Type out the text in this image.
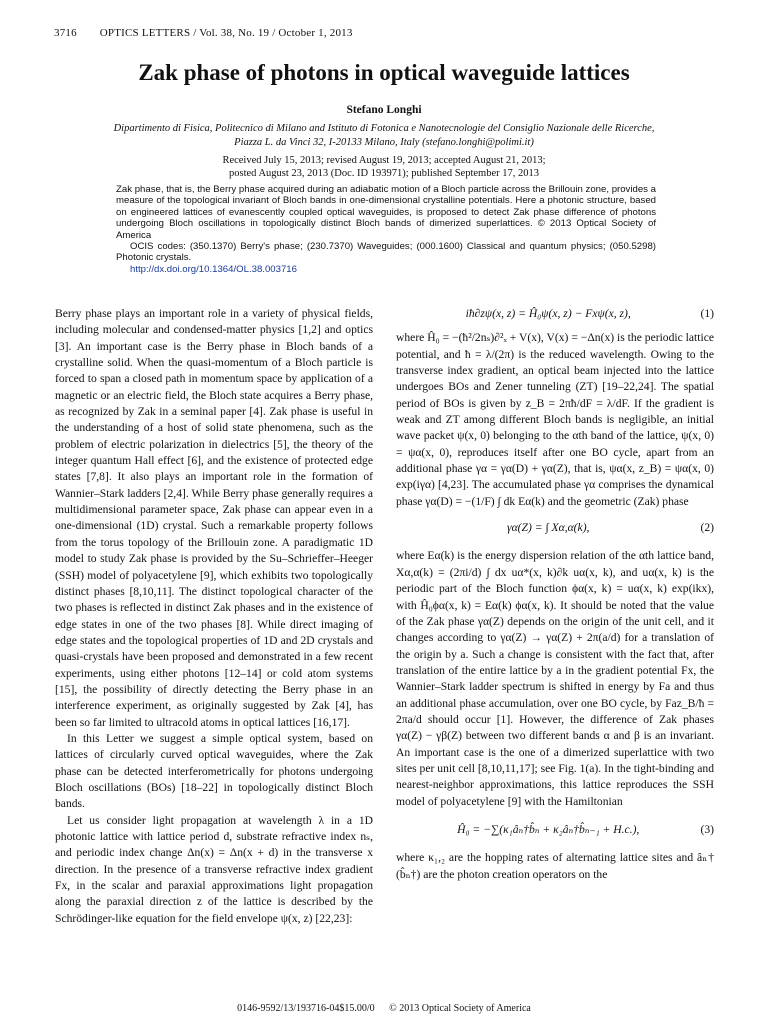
3716 OPTICS LETTERS / Vol. 38, No. 19 / October 1, 2013
Zak phase of photons in optical waveguide lattices
Stefano Longhi
Dipartimento di Fisica, Politecnico di Milano and Istituto di Fotonica e Nanotecnologie del Consiglio Nazionale delle Ricerche,
Piazza L. da Vinci 32, I-20133 Milano, Italy (stefano.longhi@polimi.it)
Received July 15, 2013; revised August 19, 2013; accepted August 21, 2013;
posted August 23, 2013 (Doc. ID 193971); published September 17, 2013

Zak phase, that is, the Berry phase acquired during an adiabatic motion of a Bloch particle across the Brillouin zone, provides a measure of the topological invariant of Bloch bands in one-dimensional crystalline potentials. Here a photonic structure, based on engineered lattices of evanescently coupled optical waveguides, is proposed to detect Zak phase difference of photons undergoing Bloch oscillations in topologically distinct Bloch bands of dimerized superlattices. © 2013 Optical Society of America

OCIS codes: (350.1370) Berry's phase; (230.7370) Waveguides; (000.1600) Classical and quantum physics; (050.5298) Photonic crystals.

http://dx.doi.org/10.1364/OL.38.003716

Berry phase plays an important role in a variety of physical fields, including molecular and condensed-matter physics [1,2] and optics [3]. An important case is the Berry phase in Bloch bands of a crystalline solid. When the quasi-momentum of a Bloch particle is forced to span a closed path in momentum space by application of a magnetic or an electric field, the Bloch state acquires a Berry phase, as recognized by Zak in a seminal paper [4]. Zak phase is useful in the understanding of a host of solid state phenomena, such as the problem of electric polarization in dielectrics [5], the theory of the integer quantum Hall effect [6], and the existence of protected edge states [7,8]. It also plays an important role in the formation of Wannier–Stark ladders [2,4]. While Berry phase generally requires a multidimensional parameter space, Zak phase can appear even in a one-dimensional (1D) crystal. Such a remarkable property follows from the torus topology of the Brillouin zone. A paradigmatic 1D model to study Zak phase is provided by the Su–Schrieffer–Heeger (SSH) model of polyacetylene [9], which exhibits two topologically distinct phases [8,10,11]. The distinct topological character of the two phases is reflected in distinct Zak phases and in the existence of edge states in one of the two phases [8]. While direct imaging of edge states and the topological properties of 1D and 2D crystals and quasi-crystals have been proposed and demonstrated in a few recent experiments, using either photons [12–14] or cold atom systems [15], the possibility of directly detecting the Berry phase in an interference experiment, as originally suggested by Zak [4], has been so far limited to ultracold atoms in optical lattices [16,17].

In this Letter we suggest a simple optical system, based on lattices of circularly curved optical waveguides, where the Zak phase can be detected interferometrically for photons undergoing Bloch oscillations (BOs) [18–22] in topologically distinct Bloch bands.

Let us consider light propagation at wavelength λ in a 1D photonic lattice with lattice period d, substrate refractive index nₛ, and periodic index change Δn(x) = Δn(x + d) in the transverse x direction. In the presence of a transverse refractive index gradient Fx, in the scalar and paraxial approximations light propagation along the paraxial direction z of the lattice is described by the Schrödinger-like equation for the field envelope ψ(x, z) [22,23]:

iħ∂zψ(x, z) = Ĥ₀ψ(x, z) − Fxψ(x, z),	(1)

where Ĥ₀ = −(ħ²/2nₛ)∂²ₓ + V(x), V(x) = −Δn(x) is the periodic lattice potential, and ħ = λ/(2π) is the reduced wavelength. Owing to the transverse index gradient, an optical beam injected into the lattice undergoes BOs and Zener tunneling (ZT) [19–22,24]. The spatial period of BOs is given by z_B = 2πħ/dF = λ/dF. If the gradient is weak and ZT among different Bloch bands is negligible, an initial wave packet ψ(x, 0) belonging to the αth band of the lattice, ψ(x, 0) = ψα(x, 0), reproduces itself after one BO cycle, apart from an additional phase γα = γα(D) + γα(Z), that is, ψα(x, z_B) = ψα(x, 0) exp(iγα) [4,23]. The accumulated phase γα comprises the dynamical phase γα(D) = −(1/F) ∫ dk Eα(k) and the geometric (Zak) phase

γα(Z) = ∫ Xα,α(k),	(2)

where Eα(k) is the energy dispersion relation of the αth lattice band, Xα,α(k) = (2πi/d) ∫ dx uα*(x, k)∂k uα(x, k), and uα(x, k) is the periodic part of the Bloch function ϕα(x, k) = uα(x, k) exp(ikx), with Ĥ₀ϕα(x, k) = Eα(k) ϕα(x, k). It should be noted that the value of the Zak phase γα(Z) depends on the origin of the unit cell, and it changes according to γα(Z) → γα(Z) + 2π(a/d) for a translation of the origin by a. Such a change is consistent with the fact that, after translation of the entire lattice by a in the gradient potential Fx, the Wannier–Stark ladder spectrum is shifted in energy by Fa and thus an additional phase accumulation, over one BO cycle, by Faz_B/ħ = 2πa/d should occur [1]. However, the difference of Zak phases γα(Z) − γβ(Z) between two different bands α and β is an invariant. An important case is the one of a dimerized superlattice with two sites per unit cell [8,10,11,17]; see Fig. 1(a). In the tight-binding and nearest-neighbor approximations, this lattice reproduces the SSH model of polyacetylene [9] with the Hamiltonian

Ĥ₀ = −∑(κ₁âₙ†b̂ₙ + κ₂âₙ†b̂ₙ₋₁ + H.c.),	(3)

where κ₁,₂ are the hopping rates of alternating lattice sites and âₙ† (b̂ₙ†) are the photon creation operators on the

0146-9592/13/193716-04$15.00/0 © 2013 Optical Society of America
